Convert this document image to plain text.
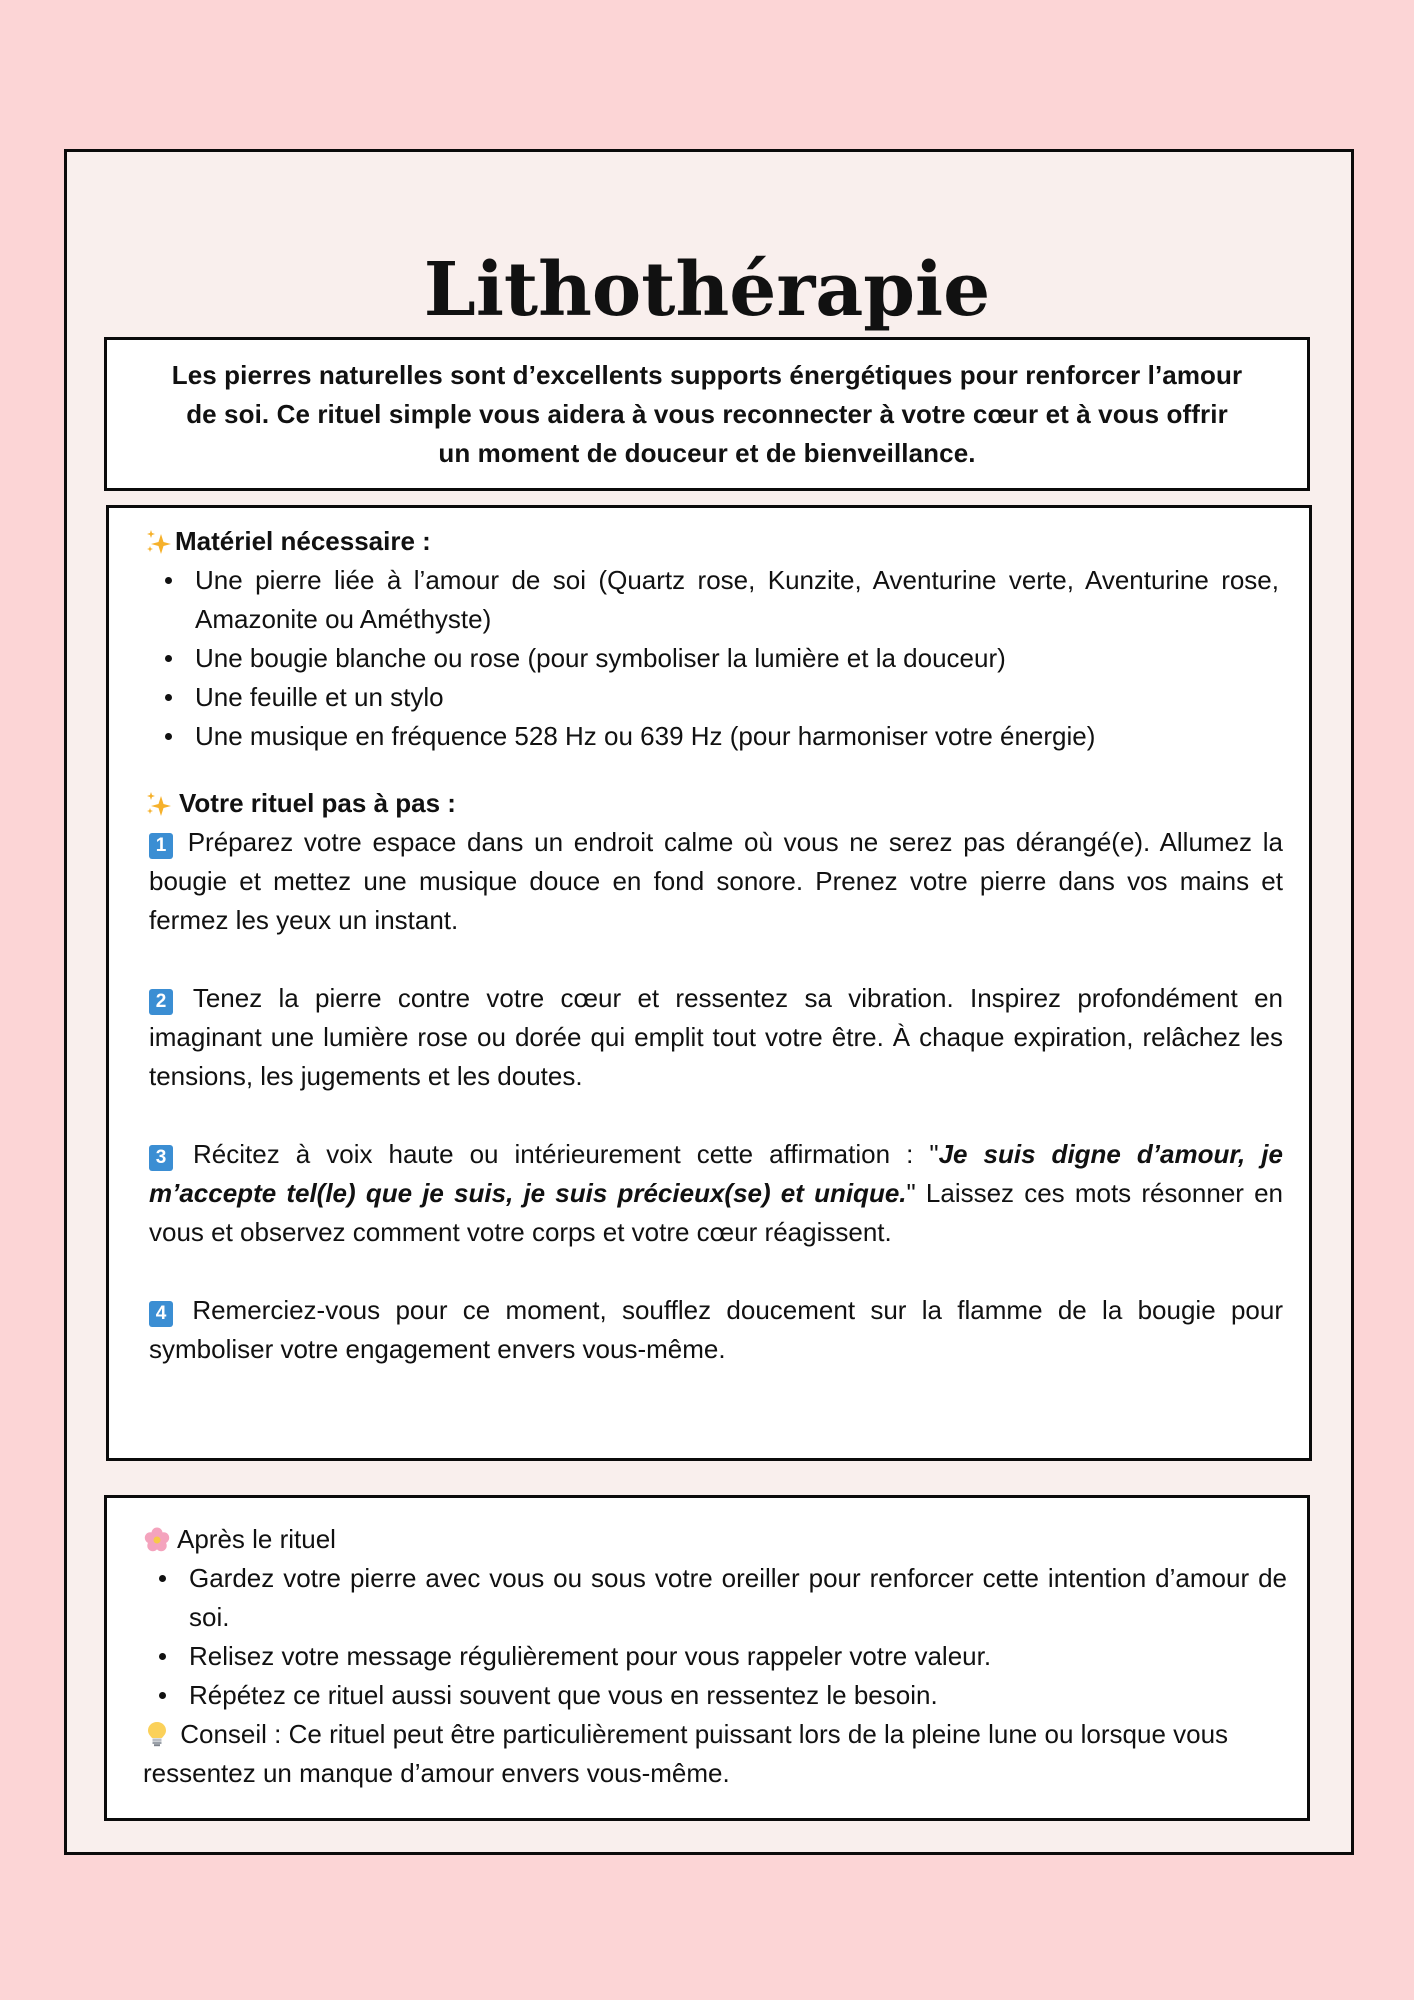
Lithothérapie
Les pierres naturelles sont d’excellents supports énergétiques pour renforcer l’amour de soi. Ce rituel simple vous aidera à vous reconnecter à votre cœur et à vous offrir un moment de douceur et de bienveillance.
Matériel nécessaire :
Une pierre liée à l’amour de soi (Quartz rose, Kunzite, Aventurine verte, Aventurine rose, Amazonite ou Améthyste)
Une bougie blanche ou rose (pour symboliser la lumière et la douceur)
Une feuille et un stylo
Une musique en fréquence 528 Hz ou 639 Hz (pour harmoniser votre énergie)
Votre rituel pas à pas :

1 Préparez votre espace dans un endroit calme où vous ne serez pas dérangé(e). Allumez la bougie et mettez une musique douce en fond sonore. Prenez votre pierre dans vos mains et fermez les yeux un instant.

2 Tenez la pierre contre votre cœur et ressentez sa vibration. Inspirez profondément en imaginant une lumière rose ou dorée qui emplit tout votre être. À chaque expiration, relâchez les tensions, les jugements et les doutes.

3 Récitez à voix haute ou intérieurement cette affirmation : "Je suis digne d’amour, je m’accepte tel(le) que je suis, je suis précieux(se) et unique." Laissez ces mots résonner en vous et observez comment votre corps et votre cœur réagissent.

4 Remerciez-vous pour ce moment, soufflez doucement sur la flamme de la bougie pour symboliser votre engagement envers vous-même.

Après le rituel
Gardez votre pierre avec vous ou sous votre oreiller pour renforcer cette intention d’amour de soi.
Relisez votre message régulièrement pour vous rappeler votre valeur.
Répétez ce rituel aussi souvent que vous en ressentez le besoin.
Conseil : Ce rituel peut être particulièrement puissant lors de la pleine lune ou lorsque vous ressentez un manque d’amour envers vous-même.
